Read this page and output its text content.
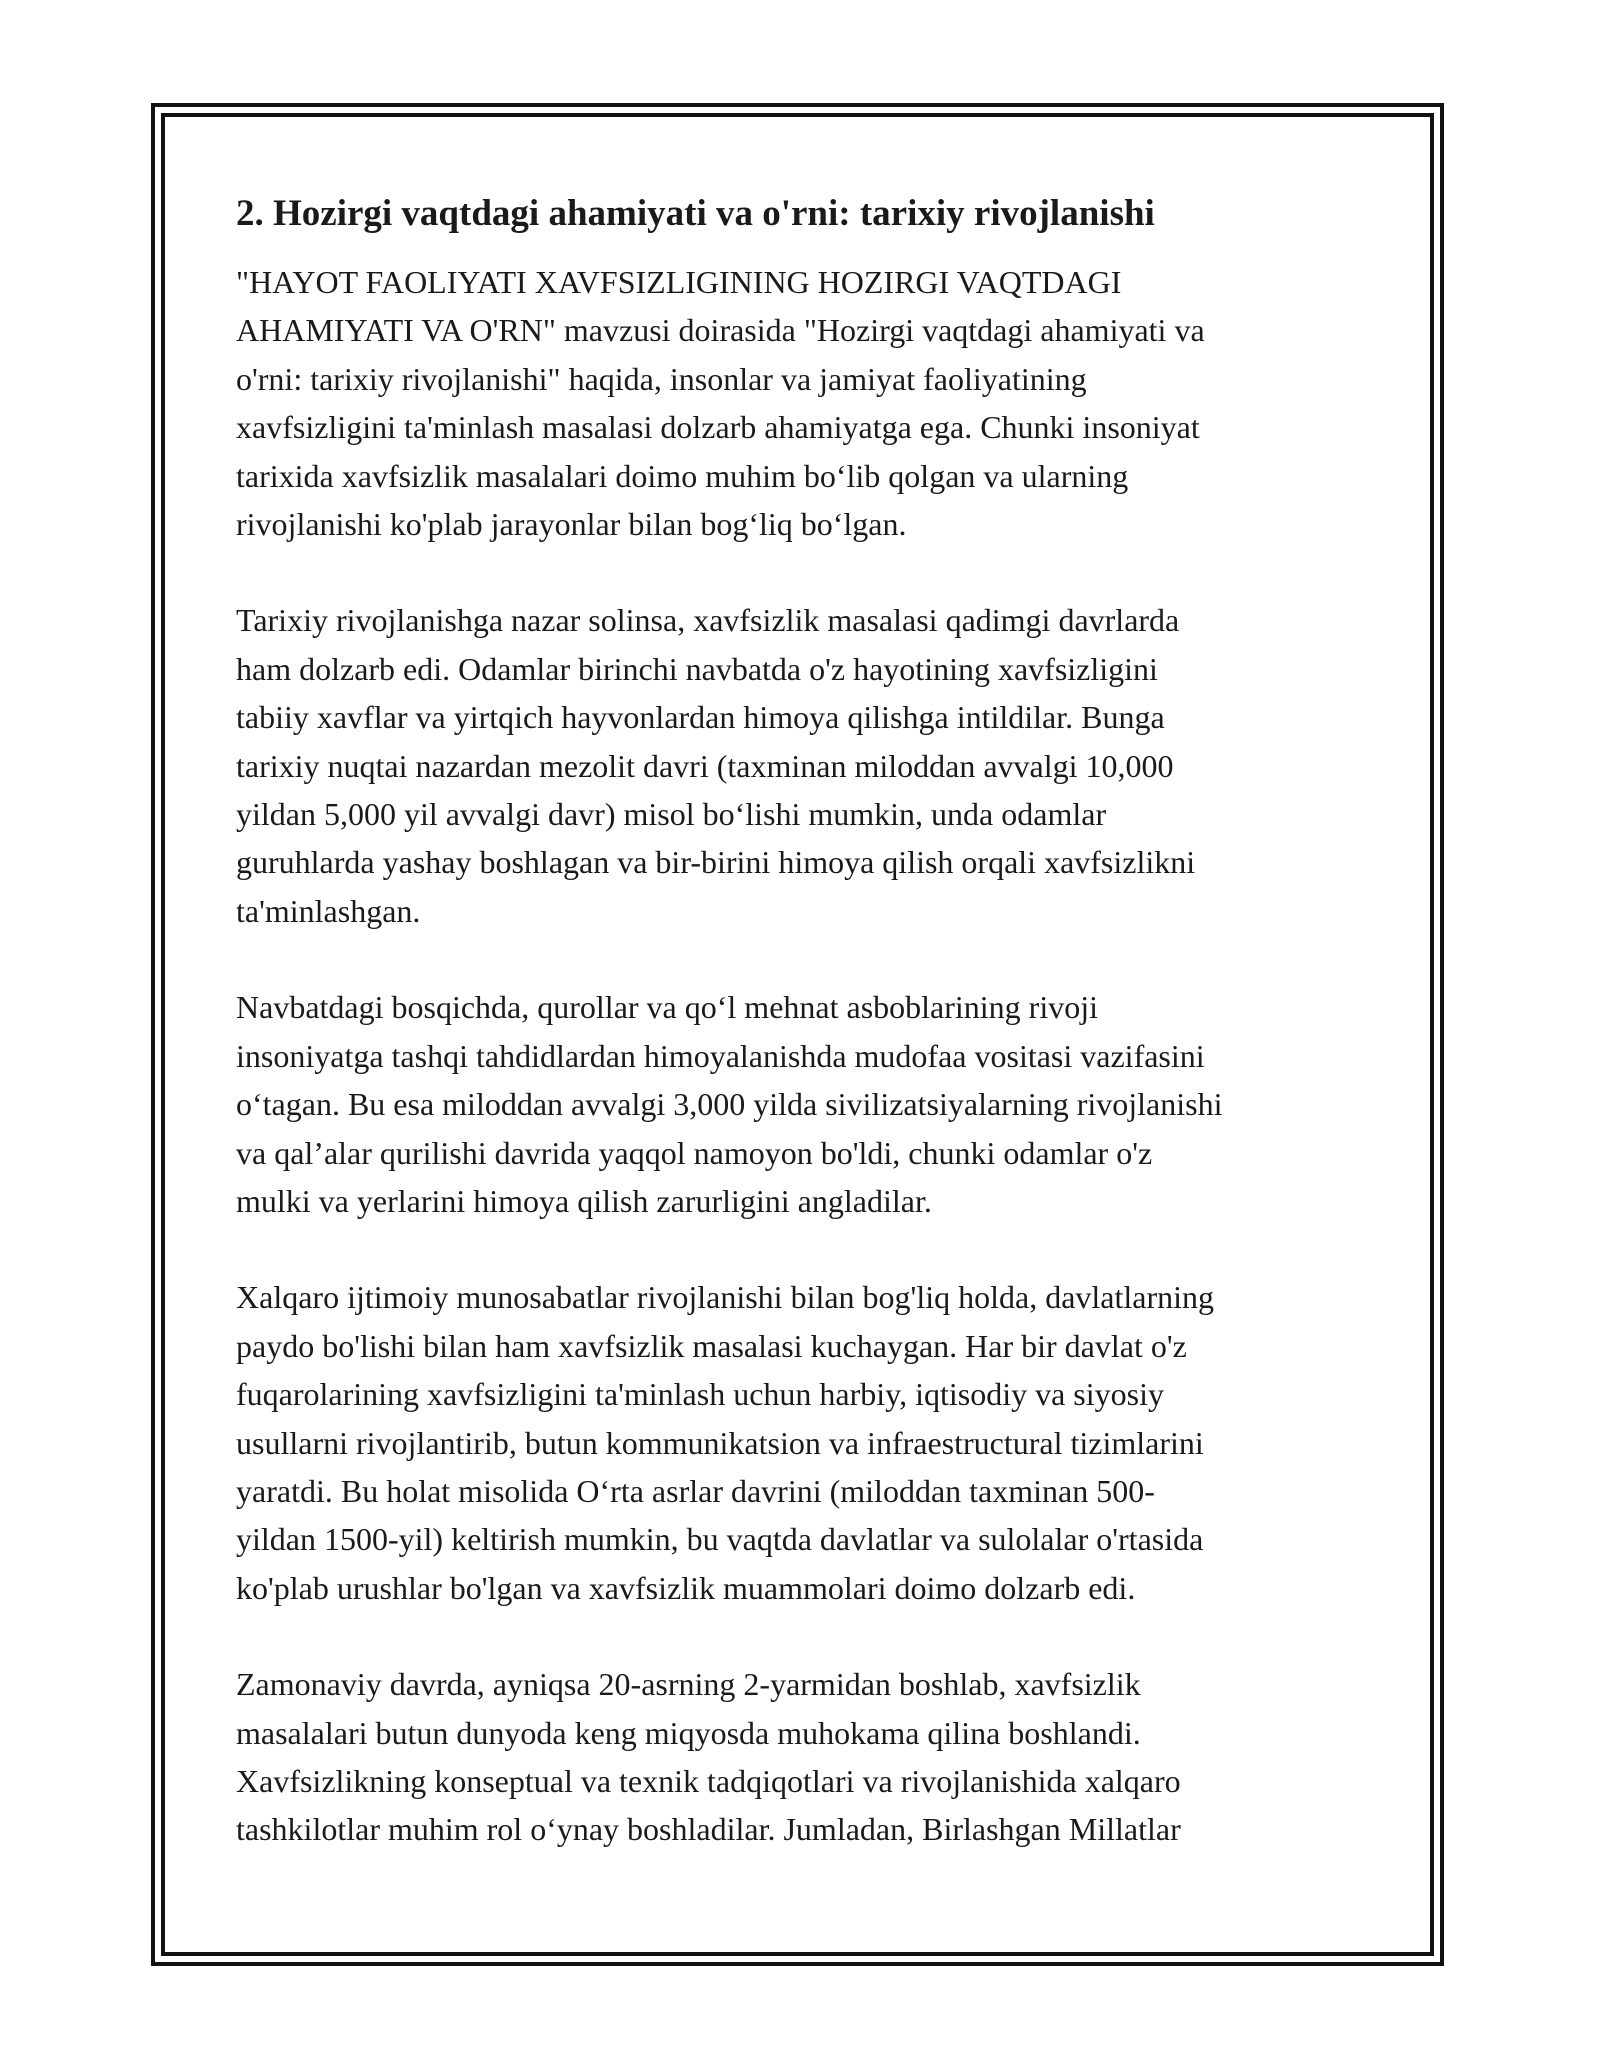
2. Hozirgi vaqtdagi ahamiyati va o'rni: tarixiy rivojlanishi

"HAYOT FAOLIYATI XAVFSIZLIGINING HOZIRGI VAQTDAGI
AHAMIYATI VA O'RN" mavzusi doirasida "Hozirgi vaqtdagi ahamiyati va
o'rni: tarixiy rivojlanishi" haqida, insonlar va jamiyat faoliyatining
xavfsizligini ta'minlash masalasi dolzarb ahamiyatga ega. Chunki insoniyat
tarixida xavfsizlik masalalari doimo muhim boʻlib qolgan va ularning
rivojlanishi ko'plab jarayonlar bilan bogʻliq boʻlgan.

Tarixiy rivojlanishga nazar solinsa, xavfsizlik masalasi qadimgi davrlarda
ham dolzarb edi. Odamlar birinchi navbatda o'z hayotining xavfsizligini
tabiiy xavflar va yirtqich hayvonlardan himoya qilishga intildilar. Bunga
tarixiy nuqtai nazardan mezolit davri (taxminan miloddan avvalgi 10,000
yildan 5,000 yil avvalgi davr) misol boʻlishi mumkin, unda odamlar
guruhlarda yashay boshlagan va bir-birini himoya qilish orqali xavfsizlikni
ta'minlashgan.

Navbatdagi bosqichda, qurollar va qoʻl mehnat asboblarining rivoji
insoniyatga tashqi tahdidlardan himoyalanishda mudofaa vositasi vazifasini
oʻtagan. Bu esa miloddan avvalgi 3,000 yilda sivilizatsiyalarning rivojlanishi
va qal’alar qurilishi davrida yaqqol namoyon bo'ldi, chunki odamlar o'z
mulki va yerlarini himoya qilish zarurligini angladilar.

Xalqaro ijtimoiy munosabatlar rivojlanishi bilan bog'liq holda, davlatlarning
paydo bo'lishi bilan ham xavfsizlik masalasi kuchaygan. Har bir davlat o'z
fuqarolarining xavfsizligini ta'minlash uchun harbiy, iqtisodiy va siyosiy
usullarni rivojlantirib, butun kommunikatsion va infraestructural tizimlarini
yaratdi. Bu holat misolida Oʻrta asrlar davrini (miloddan taxminan 500-
yildan 1500-yil) keltirish mumkin, bu vaqtda davlatlar va sulolalar o'rtasida
ko'plab urushlar bo'lgan va xavfsizlik muammolari doimo dolzarb edi.

Zamonaviy davrda, ayniqsa 20-asrning 2-yarmidan boshlab, xavfsizlik
masalalari butun dunyoda keng miqyosda muhokama qilina boshlandi.
Xavfsizlikning konseptual va texnik tadqiqotlari va rivojlanishida xalqaro
tashkilotlar muhim rol oʻynay boshladilar. Jumladan, Birlashgan Millatlar
